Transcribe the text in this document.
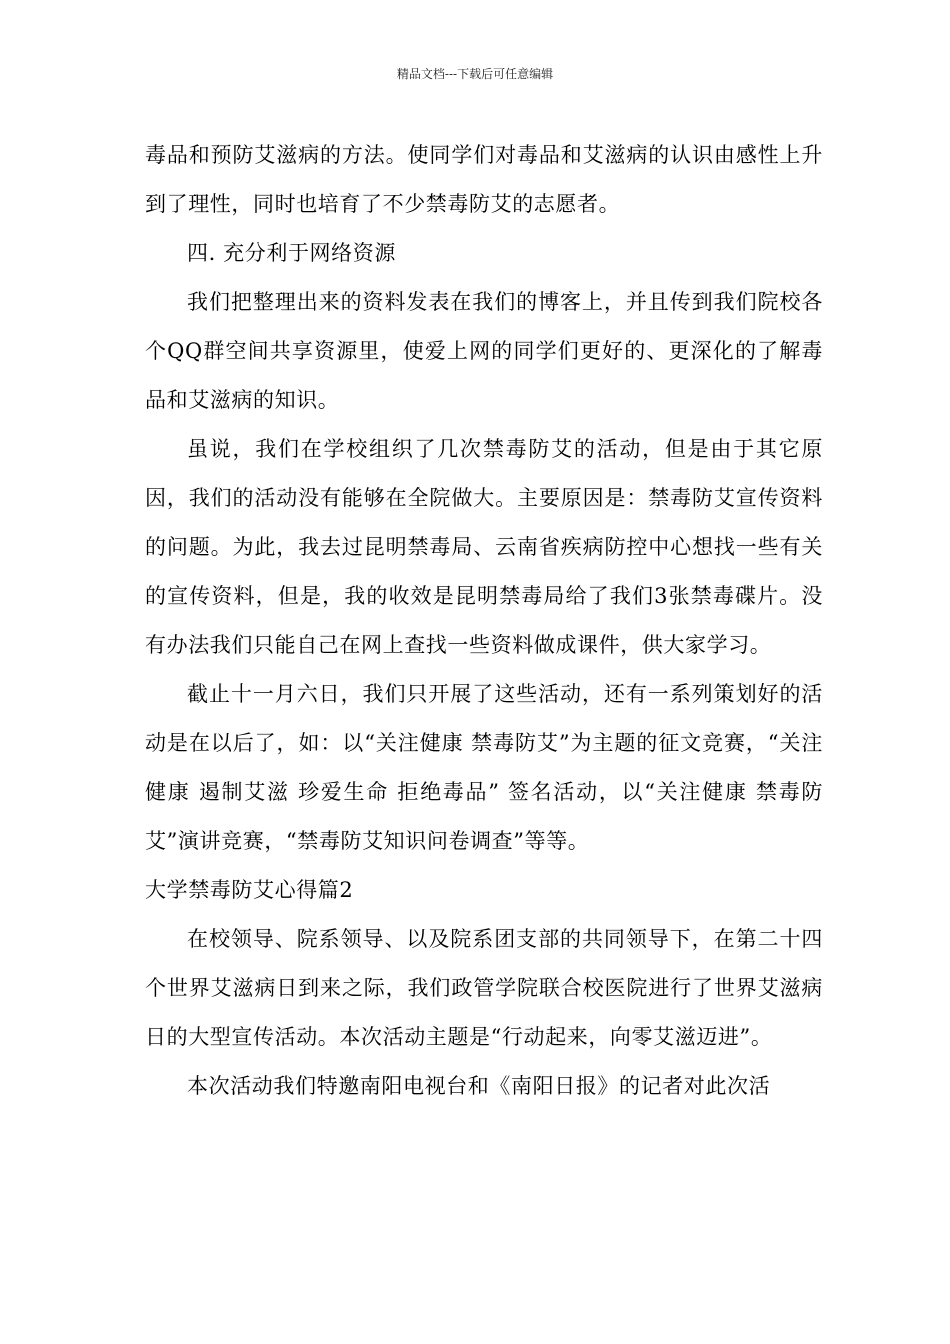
精品文档---下载后可任意编辑

毒品和预防艾滋病的方法。使同学们对毒品和艾滋病的认识由感性上升到了理性，同时也培育了不少禁毒防艾的志愿者。

四. 充分利于网络资源

我们把整理出来的资料发表在我们的博客上，并且传到我们院校各个QQ群空间共享资源里，使爱上网的同学们更好的、更深化的了解毒品和艾滋病的知识。

虽说，我们在学校组织了几次禁毒防艾的活动，但是由于其它原因，我们的活动没有能够在全院做大。主要原因是：禁毒防艾宣传资料的问题。为此，我去过昆明禁毒局、云南省疾病防控中心想找一些有关的宣传资料，但是，我的收效是昆明禁毒局给了我们3张禁毒碟片。没有办法我们只能自己在网上查找一些资料做成课件，供大家学习。

截止十一月六日，我们只开展了这些活动，还有一系列策划好的活动是在以后了，如：以“关注健康 禁毒防艾”为主题的征文竞赛，“关注健康 遏制艾滋 珍爱生命 拒绝毒品” 签名活动，以“关注健康 禁毒防艾”演讲竞赛，“禁毒防艾知识问卷调查”等等。

大学禁毒防艾心得篇2

在校领导、院系领导、以及院系团支部的共同领导下，在第二十四个世界艾滋病日到来之际，我们政管学院联合校医院进行了世界艾滋病日的大型宣传活动。本次活动主题是“行动起来，向零艾滋迈进”。

本次活动我们特邀南阳电视台和《南阳日报》的记者对此次活
